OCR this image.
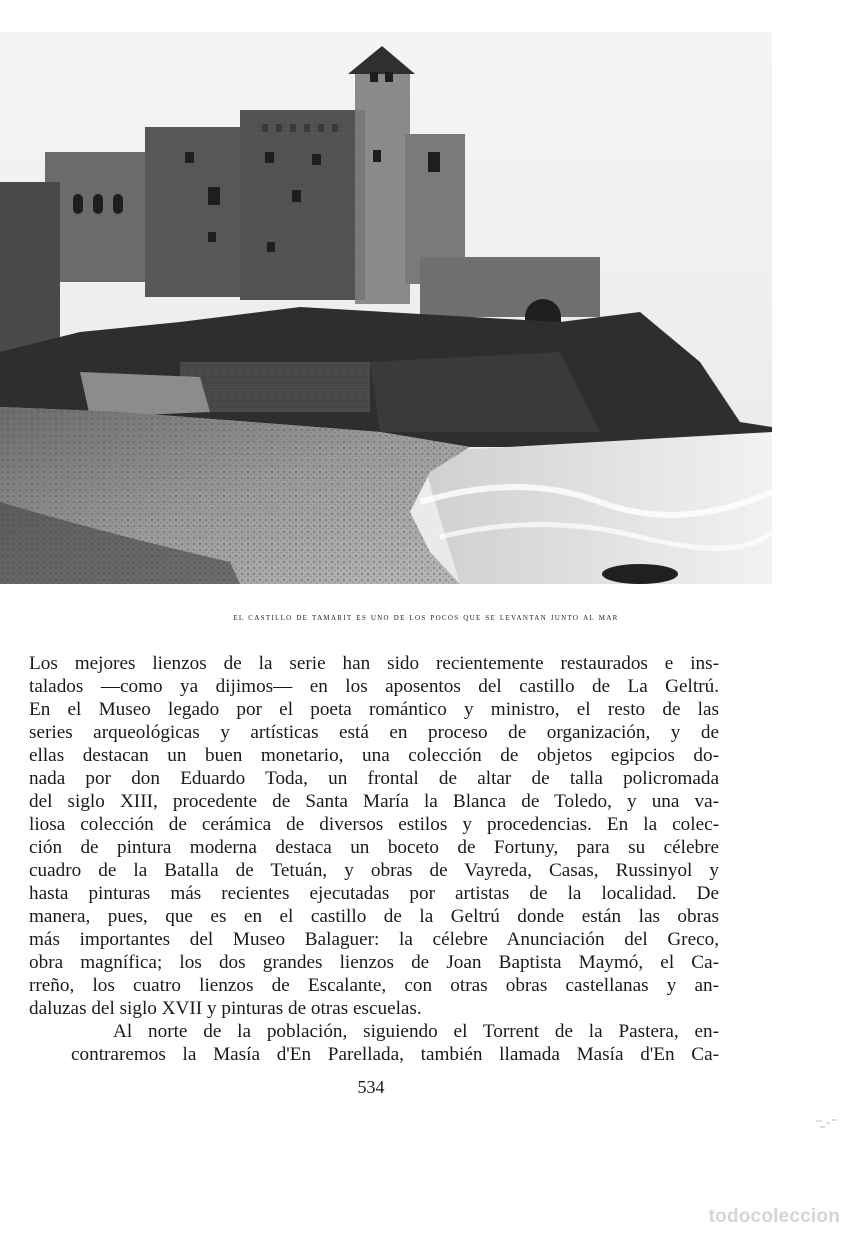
el castillo de tamarit es uno de los pocos que se levantan junto al mar

Los mejores lienzos de la serie han sido recientemente restaurados e ins-
talados —como ya dijimos— en los aposentos del castillo de La Geltrú.
En el Museo legado por el poeta romántico y ministro, el resto de las
series arqueológicas y artísticas está en proceso de organización, y de
ellas destacan un buen monetario, una colección de objetos egipcios do-
nada por don Eduardo Toda, un frontal de altar de talla policromada
del siglo XIII, procedente de Santa María la Blanca de Toledo, y una va-
liosa colección de cerámica de diversos estilos y procedencias. En la colec-
ción de pintura moderna destaca un boceto de Fortuny, para su célebre
cuadro de la Batalla de Tetuán, y obras de Vayreda, Casas, Russinyol y
hasta pinturas más recientes ejecutadas por artistas de la localidad. De
manera, pues, que es en el castillo de la Geltrú donde están las obras
más importantes del Museo Balaguer: la célebre Anunciación del Greco,
obra magnífica; los dos grandes lienzos de Joan Baptista Maymó, el Ca-
rreño, los cuatro lienzos de Escalante, con otras obras castellanas y an-
daluzas del siglo XVII y pinturas de otras escuelas.

Al norte de la población, siguiendo el Torrent de la Pastera, en-
contraremos la Masía d'En Parellada, también llamada Masía d'En Ca-

534
todocoleccion
